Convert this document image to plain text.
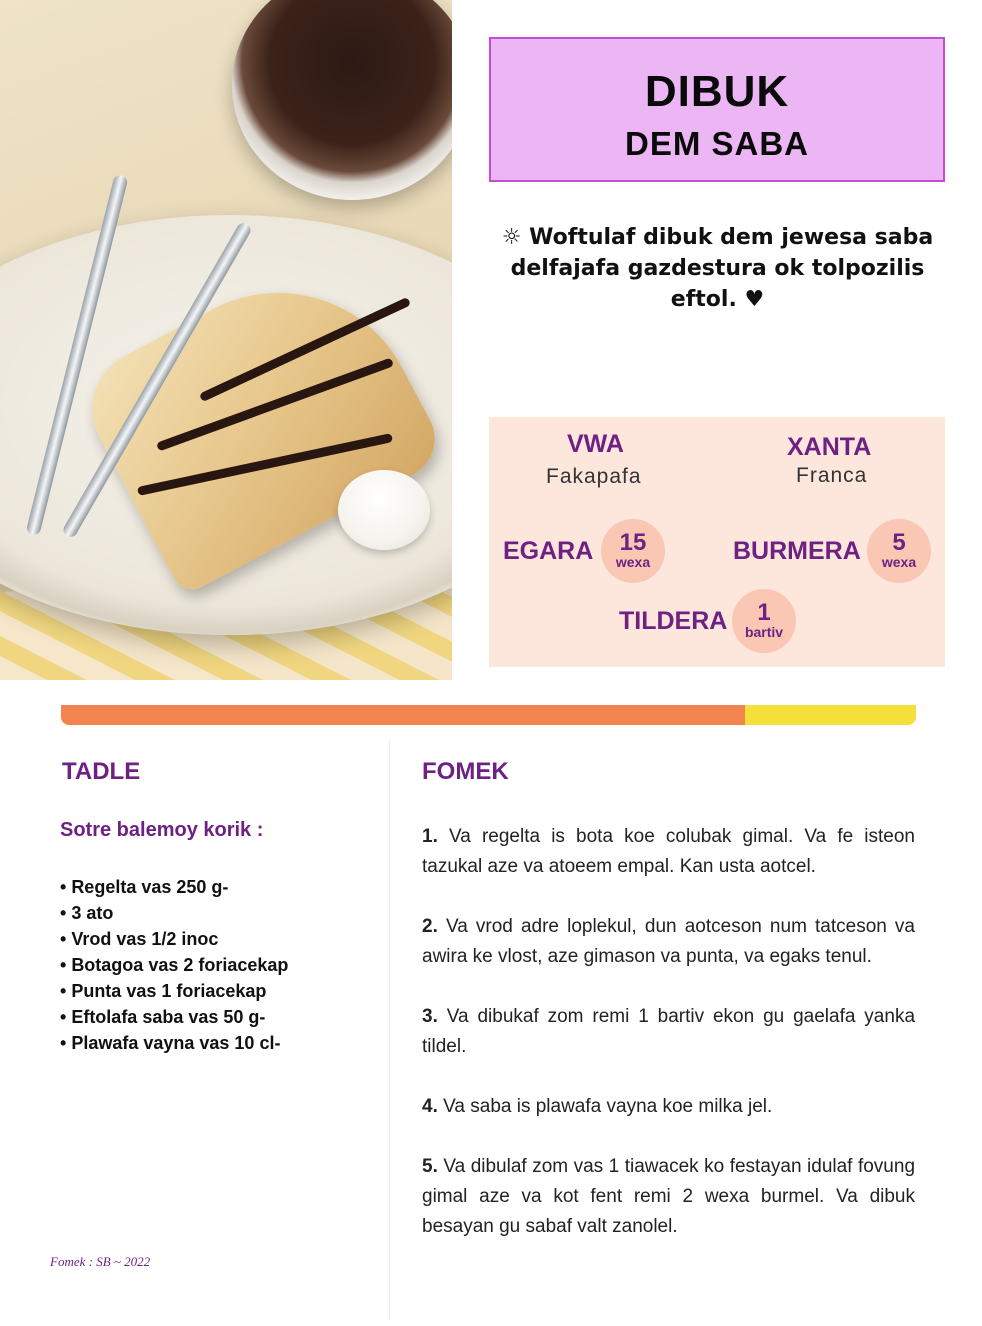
DIBUK
DEM SABA
☼ Woftulaf dibuk dem jewesa saba delfajafa gazdestura ok tolpozilis eftol. ♥
VWA
Fakapafa
XANTA
Franca
EGARA	15
wexa	BURMERA	5
wexa
TILDERA	1
bartiv
TADLE
Sotre balemoy korik :
• Regelta vas 250 g-
• 3 ato
• Vrod vas 1/2 inoc
• Botagoa vas 2 foriacekap
• Punta vas 1 foriacekap
• Eftolafa saba vas 50 g-
• Plawafa vayna vas 10 cl-
FOMEK

1. Va regelta is bota koe colubak gimal. Va fe isteon tazukal aze va atoeem empal. Kan usta aotcel.

2. Va vrod adre loplekul, dun aotceson num tatceson va awira ke vlost, aze gimason va punta, va egaks tenul.

3. Va dibukaf zom remi 1 bartiv ekon gu gaelafa yanka tildel.

4. Va saba is plawafa vayna koe milka jel.

5. Va dibulaf zom vas 1 tiawacek ko festayan idulaf fovung gimal aze va kot fent remi 2 wexa burmel. Va dibuk besayan gu sabaf valt zanolel.

Fomek : SB ~ 2022
